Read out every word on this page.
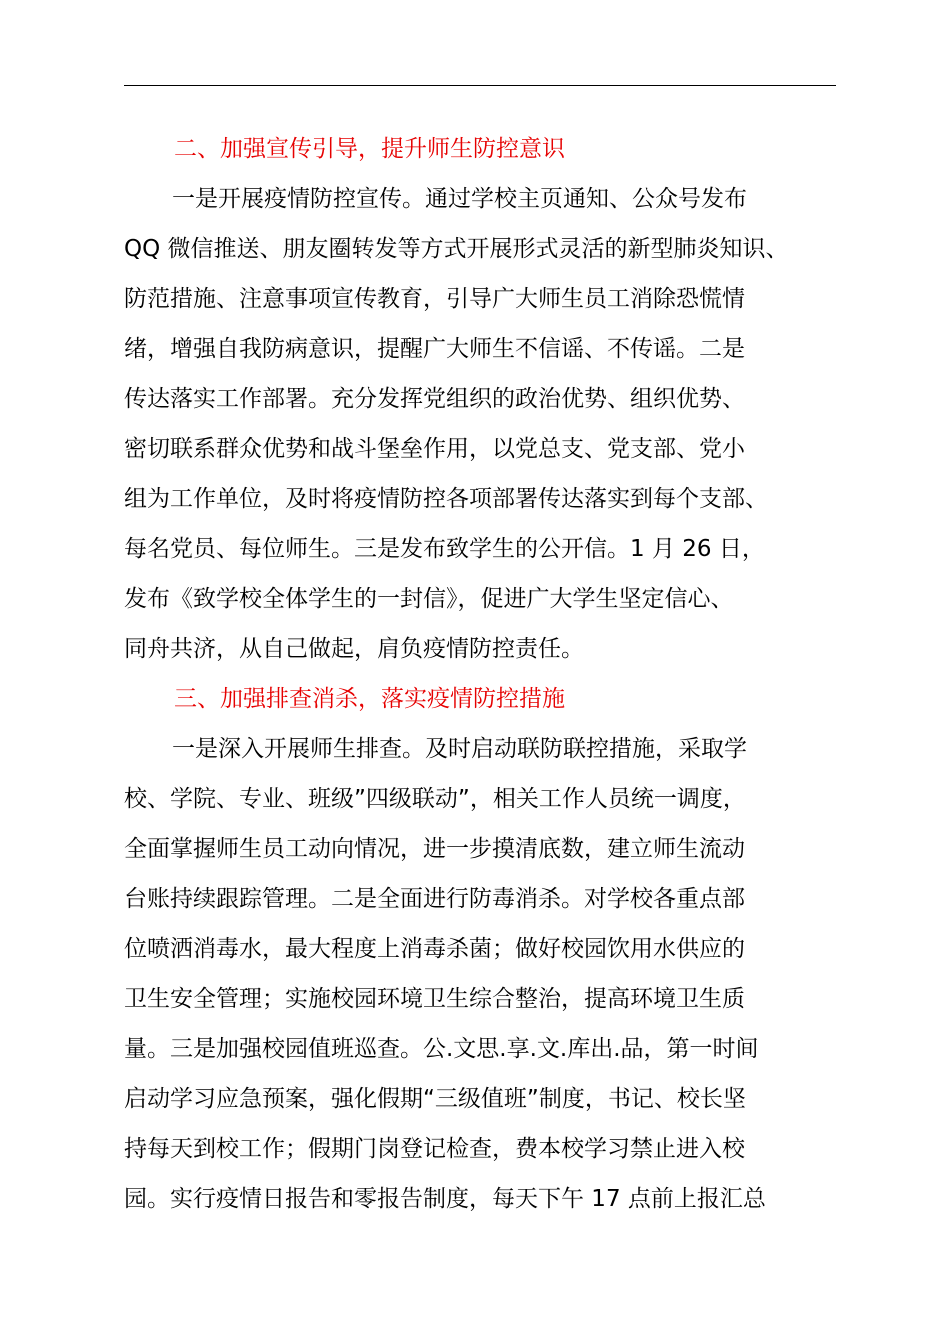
二、加强宣传引导，提升师生防控意识
一是开展疫情防控宣传。通过学校主页通知、公众号发布
QQ 微信推送、朋友圈转发等方式开展形式灵活的新型肺炎知识、
防范措施、注意事项宣传教育，引导广大师生员工消除恐慌情
绪，增强自我防病意识，提醒广大师生不信谣、不传谣。二是
传达落实工作部署。充分发挥党组织的政治优势、组织优势、
密切联系群众优势和战斗堡垒作用，以党总支、党支部、党小
组为工作单位，及时将疫情防控各项部署传达落实到每个支部、
每名党员、每位师生。三是发布致学生的公开信。1 月 26 日，
发布《致学校全体学生的一封信》，促进广大学生坚定信心、
同舟共济，从自己做起，肩负疫情防控责任。
三、加强排查消杀，落实疫情防控措施
一是深入开展师生排查。及时启动联防联控措施，采取学
校、学院、专业、班级”四级联动”，相关工作人员统一调度，
全面掌握师生员工动向情况，进一步摸清底数，建立师生流动
台账持续跟踪管理。二是全面进行防毒消杀。对学校各重点部
位喷洒消毒水，最大程度上消毒杀菌；做好校园饮用水供应的
卫生安全管理；实施校园环境卫生综合整治，提高环境卫生质
量。三是加强校园值班巡查。公.文思.享.文.库出.品，第一时间
启动学习应急预案，强化假期“三级值班”制度，书记、校长坚
持每天到校工作；假期门岗登记检查，费本校学习禁止进入校
园。实行疫情日报告和零报告制度，每天下午 17 点前上报汇总
